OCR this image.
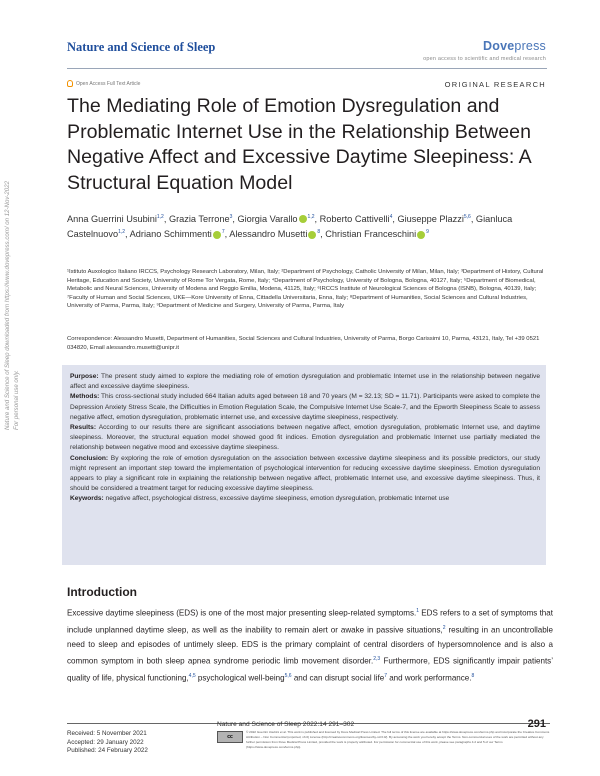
Nature and Science of Sleep downloaded from https://www.dovepress.com/ on 12-Nov-2022 For personal use only.
Nature and Science of Sleep	Dovepress
open access to scientific and medical research
Open Access Full Text Article	ORIGINAL RESEARCH
The Mediating Role of Emotion Dysregulation and Problematic Internet Use in the Relationship Between Negative Affect and Excessive Daytime Sleepiness: A Structural Equation Model
Anna Guerrini Usubini$^{1,2}$, Grazia Terrone$^3$, Giorgia Varallo $^{1,2}$, Roberto Cattivelli$^4$, Giuseppe Plazzi$^{5,6}$, Gianluca Castelnuovo$^{1,2}$, Adriano Schimmenti $^7$, Alessandro Musetti $^8$, Christian Franceschini $^9$
¹Istituto Auxologico Italiano IRCCS, Psychology Research Laboratory, Milan, Italy; ²Department of Psychology, Catholic University of Milan, Milan, Italy; ³Department of History, Cultural Heritage, Education and Society, University of Rome Tor Vergata, Rome, Italy; ⁴Department of Psychology, University of Bologna, Bologna, 40127, Italy; ⁵Department of Biomedical, Metabolic and Neural Sciences, University of Modena and Reggio Emilia, Modena, 41125, Italy; ⁶IRCCS Institute of Neurological Sciences of Bologna (ISNB), Bologna, 40139, Italy; ⁷Faculty of Human and Social Sciences, UKE—Kore University of Enna, Cittadella Universitaria, Enna, Italy; ⁸Department of Humanities, Social Sciences and Cultural Industries, University of Parma, Parma, Italy; ⁹Department of Medicine and Surgery, University of Parma, Parma, Italy
Correspondence: Alessandro Musetti, Department of Humanities, Social Sciences and Cultural Industries, University of Parma, Borgo Carissimi 10, Parma, 43121, Italy, Tel +39 0521 034820, Email alessandro.musetti@unipr.it

Purpose: The present study aimed to explore the mediating role of emotion dysregulation and problematic Internet use in the relationship between negative affect and excessive daytime sleepiness.

Methods: This cross-sectional study included 664 Italian adults aged between 18 and 70 years (M = 32.13; SD = 11.71). Participants were asked to complete the Depression Anxiety Stress Scale, the Difficulties in Emotion Regulation Scale, the Compulsive Internet Use Scale-7, and the Epworth Sleepiness Scale to assess negative affect, emotion dysregulation, problematic internet use, and excessive daytime sleepiness, respectively.

Results: According to our results there are significant associations between negative affect, emotion dysregulation, problematic Internet use, and daytime sleepiness. Moreover, the structural equation model showed good fit indices. Emotion dysregulation and problematic Internet use partially mediated the relationship between negative mood and excessive daytime sleepiness.

Conclusion: By exploring the role of emotion dysregulation on the association between excessive daytime sleepiness and its possible predictors, our study might represent an important step toward the implementation of psychological intervention for reducing excessive daytime sleepiness. Emotion dysregulation appears to play a significant role in explaining the relationship between negative affect, problematic Internet use, and excessive daytime sleepiness. Thus, it should be considered a treatment target for reducing excessive daytime sleepiness.

Keywords: negative affect, psychological distress, excessive daytime sleepiness, emotion dysregulation, problematic Internet use

Introduction
Excessive daytime sleepiness (EDS) is one of the most major presenting sleep-related symptoms.$^1$ EDS refers to a set of symptoms that include unplanned daytime sleep, as well as the inability to remain alert or awake in passive situations,$^2$ resulting in an uncontrollable need to sleep and episodes of untimely sleep. EDS is the primary complaint of central disorders of hypersomnolence and is also a common symptom in both sleep apnea syndrome periodic limb movement disorder.$^{2,3}$ Furthermore, EDS significantly impair patients’ quality of life, physical functioning,$^{4,5}$ psychological well-being$^{5,6}$ and can disrupt social life$^7$ and work performance.$^8$
Received: 5 November 2021
Accepted: 29 January 2022
Published: 24 February 2022
Nature and Science of Sleep 2022:14 291–302	291
cc
© 2022 Guerrini Usubini et al. This work is published and licensed by Dove Medical Press Limited. The full terms of this license are available at https://www.dovepress.com/terms.php and incorporate the Creative Commons Attribution – Non Commercial (unported, v3.0) License (http://creativecommons.org/licenses/by-nc/3.0/). By accessing the work you hereby accept the Terms. Non-commercial uses of the work are permitted without any further permission from Dove Medical Press Limited, provided the work is properly attributed. For permission for commercial use of this work, please see paragraphs 4.2 and 5 of our Terms (https://www.dovepress.com/terms.php).
